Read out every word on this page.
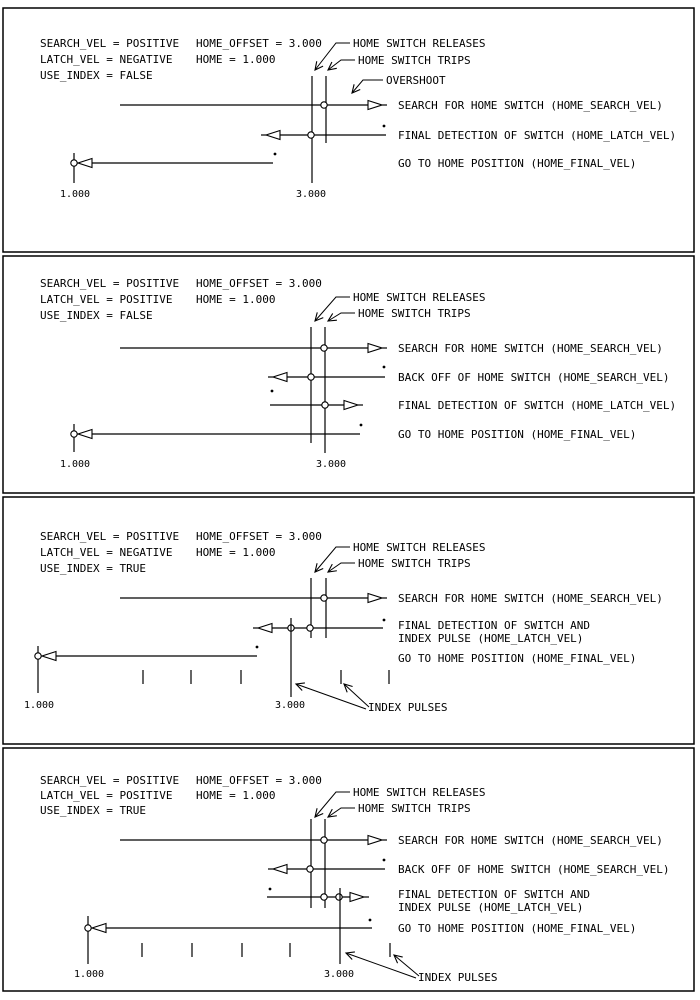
SEARCH_VEL = POSITIVE HOME_OFFSET = 3.000
LATCH_VEL = NEGATIVE HOME = 1.000
USE_INDEX = FALSE
HOME SWITCH RELEASES
HOME SWITCH TRIPS
OVERSHOOT
SEARCH FOR HOME SWITCH (HOME_SEARCH_VEL)
FINAL DETECTION OF SWITCH (HOME_LATCH_VEL)
GO TO HOME POSITION (HOME_FINAL_VEL)
1.000	3.000
SEARCH_VEL = POSITIVE HOME_OFFSET = 3.000
LATCH_VEL = POSITIVE HOME = 1.000
USE_INDEX = FALSE
HOME SWITCH RELEASES
HOME SWITCH TRIPS
SEARCH FOR HOME SWITCH (HOME_SEARCH_VEL)
BACK OFF OF HOME SWITCH (HOME_SEARCH_VEL)
FINAL DETECTION OF SWITCH (HOME_LATCH_VEL)
GO TO HOME POSITION (HOME_FINAL_VEL)
1.000	3.000
SEARCH_VEL = POSITIVE HOME_OFFSET = 3.000
LATCH_VEL = NEGATIVE HOME = 1.000
USE_INDEX = TRUE
HOME SWITCH RELEASES
HOME SWITCH TRIPS
SEARCH FOR HOME SWITCH (HOME_SEARCH_VEL)
FINAL DETECTION OF SWITCH AND
INDEX PULSE (HOME_LATCH_VEL)
GO TO HOME POSITION (HOME_FINAL_VEL)
INDEX PULSES
1.000	3.000
SEARCH_VEL = POSITIVE HOME_OFFSET = 3.000
LATCH_VEL = POSITIVE HOME = 1.000
USE_INDEX = TRUE
HOME SWITCH RELEASES
HOME SWITCH TRIPS
SEARCH FOR HOME SWITCH (HOME_SEARCH_VEL)
BACK OFF OF HOME SWITCH (HOME_SEARCH_VEL)
FINAL DETECTION OF SWITCH AND
INDEX PULSE (HOME_LATCH_VEL)
GO TO HOME POSITION (HOME_FINAL_VEL)
INDEX PULSES
1.000	3.000
